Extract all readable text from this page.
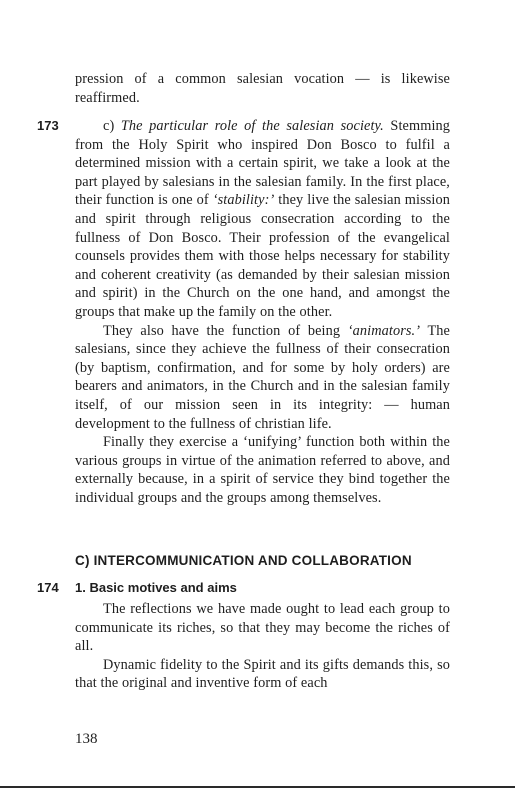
pression of a common salesian vocation — is likewise reaffirmed.

173	c) The particular role of the salesian society. Stemming from the Holy Spirit who inspired Don Bosco to fulfil a determined mission with a certain spirit, we take a look at the part played by salesians in the salesian family. In the first place, their function is one of ‘stability:’ they live the salesian mission and spirit through religious consecration according to the fullness of Don Bosco. Their profession of the evangelical counsels provides them with those helps necessary for stability and coherent creativity (as demanded by their salesian mission and spirit) in the Church on the one hand, and amongst the groups that make up the family on the other.

They also have the function of being ‘animators.’ The salesians, since they achieve the fullness of their consecration (by baptism, confirmation, and for some by holy orders) are bearers and animators, in the Church and in the salesian family itself, of our mission seen in its integrity: — human development to the fullness of christian life.

Finally they exercise a ‘unifying’ function both within the various groups in virtue of the animation referred to above, and externally because, in a spirit of service they bind together the individual groups and the groups among themselves.

C) INTERCOMMUNICATION AND COLLABORATION
174 1. Basic motives and aims

The reflections we have made ought to lead each group to communicate its riches, so that they may become the riches of all.

Dynamic fidelity to the Spirit and its gifts demands this, so that the original and inventive form of each

138
